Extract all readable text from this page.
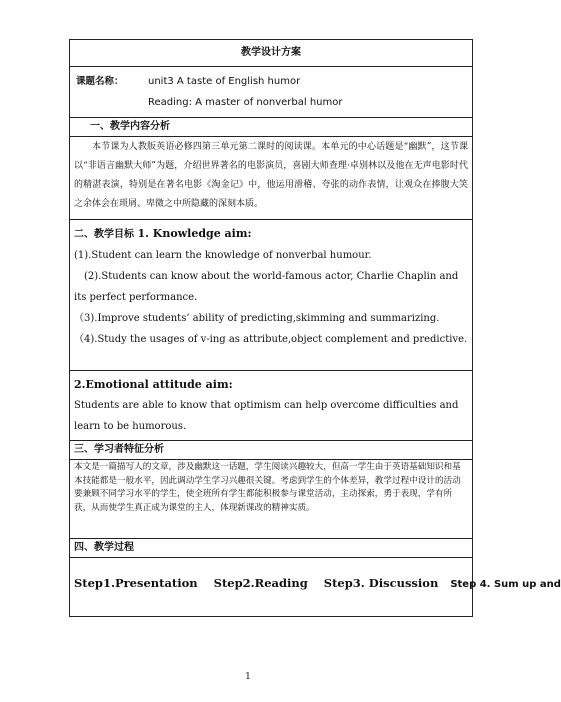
教学设计方案

课题名称： unit3 A taste of English humor
Reading: A master of nonverbal humor

一、教学内容分析
本节课为人教版英语必修四第三单元第二课时的阅读课。本单元的中心话题是“幽默”，这节课以“非语言幽默大师”为题，介绍世界著名的电影演员，喜剧大师查理·卓别林以及他在无声电影时代的精湛表演，特别是在著名电影《淘金记》中，他运用滑稽、夸张的动作表情，让观众在捧腹大笑之余体会在琐屑、卑微之中所隐藏的深刻本质。

二、教学目标 1. Knowledge aim:

(1).Student can learn the knowledge of nonverbal humour.

(2).Students can know about the world-famous actor, Charlie Chaplin and its perfect performance.

（3).Improve students’ ability of predicting,skimming and summarizing.

（4).Study the usages of v-ing as attribute,object complement and predictive.

2.Emotional attitude aim:
Students are able to know that optimism can help overcome difficulties and learn to be humorous.

三、学习者特征分析
本文是一篇描写人的文章，涉及幽默这一话题，学生阅读兴趣较大，但高一学生由于英语基础知识和基本技能都是一般水平，因此调动学生学习兴趣很关键。考虑到学生的个体差异，教学过程中设计的活动要兼顾不同学习水平的学生，使全班所有学生都能积极参与课堂活动，主动探索，勇于表现，学有所获，从而使学生真正成为课堂的主人，体现新课改的精神实质。
四、教学过程

Step1.Presentation Step2.Reading Step3. Discussion Step 4. Sum up and
1
